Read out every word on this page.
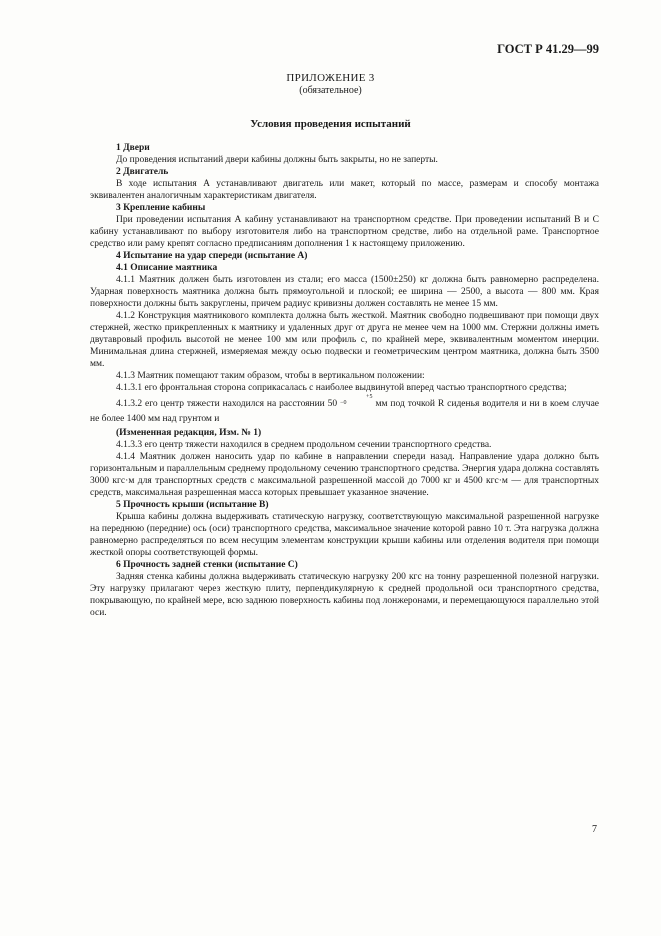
ГОСТ Р 41.29—99
ПРИЛОЖЕНИЕ 3
(обязательное)
Условия проведения испытаний

1 Двери

До проведения испытаний двери кабины должны быть закрыты, но не заперты.

2 Двигатель

В ходе испытания А устанавливают двигатель или макет, который по массе, размерам и способу монтажа эквивалентен аналогичным характеристикам двигателя.

3 Крепление кабины

При проведении испытания А кабину устанавливают на транспортном средстве. При проведении испытаний В и С кабину устанавливают по выбору изготовителя либо на транспортном средстве, либо на отдельной раме. Транспортное средство или раму крепят согласно предписаниям дополнения 1 к настоящему приложению.

4 Испытание на удар спереди (испытание А)

4.1 Описание маятника

4.1.1 Маятник должен быть изготовлен из стали; его масса (1500±250) кг должна быть равномерно распределена. Ударная поверхность маятника должна быть прямоугольной и плоской; ее ширина — 2500, а высота — 800 мм. Края поверхности должны быть закруглены, причем радиус кривизны должен составлять не менее 15 мм.

4.1.2 Конструкция маятникового комплекта должна быть жесткой. Маятник свободно подвешивают при помощи двух стержней, жестко прикрепленных к маятнику и удаленных друг от друга не менее чем на 1000 мм. Стержни должны иметь двутавровый профиль высотой не менее 100 мм или профиль с, по крайней мере, эквивалентным моментом инерции. Минимальная длина стержней, измеряемая между осью подвески и геометрическим центром маятника, должна быть 3500 мм.

4.1.3 Маятник помещают таким образом, чтобы в вертикальном положении:

4.1.3.1 его фронтальная сторона соприкасалась с наиболее выдвинутой вперед частью транспортного средства;

4.1.3.2 его центр тяжести находился на расстоянии 50 +5
−0	мм под точкой R сиденья водителя и ни в коем случае не более 1400 мм над грунтом и

(Измененная редакция, Изм. № 1)

4.1.3.3 его центр тяжести находился в среднем продольном сечении транспортного средства.

4.1.4 Маятник должен наносить удар по кабине в направлении спереди назад. Направление удара должно быть горизонтальным и параллельным среднему продольному сечению транспортного средства. Энергия удара должна составлять 3000 кгс·м для транспортных средств с максимальной разрешенной массой до 7000 кг и 4500 кгс·м — для транспортных средств, максимальная разрешенная масса которых превышает указанное значение.

5 Прочность крыши (испытание В)

Крыша кабины должна выдерживать статическую нагрузку, соответствующую максимальной разрешенной нагрузке на переднюю (передние) ось (оси) транспортного средства, максимальное значение которой равно 10 т. Эта нагрузка должна равномерно распределяться по всем несущим элементам конструкции крыши кабины или отделения водителя при помощи жесткой опоры соответствующей формы.

6 Прочность задней стенки (испытание С)

Задняя стенка кабины должна выдерживать статическую нагрузку 200 кгс на тонну разрешенной полезной нагрузки. Эту нагрузку прилагают через жесткую плиту, перпендикулярную к средней продольной оси транспортного средства, покрывающую, по крайней мере, всю заднюю поверхность кабины под лонжеронами, и перемещающуюся параллельно этой оси.

7
